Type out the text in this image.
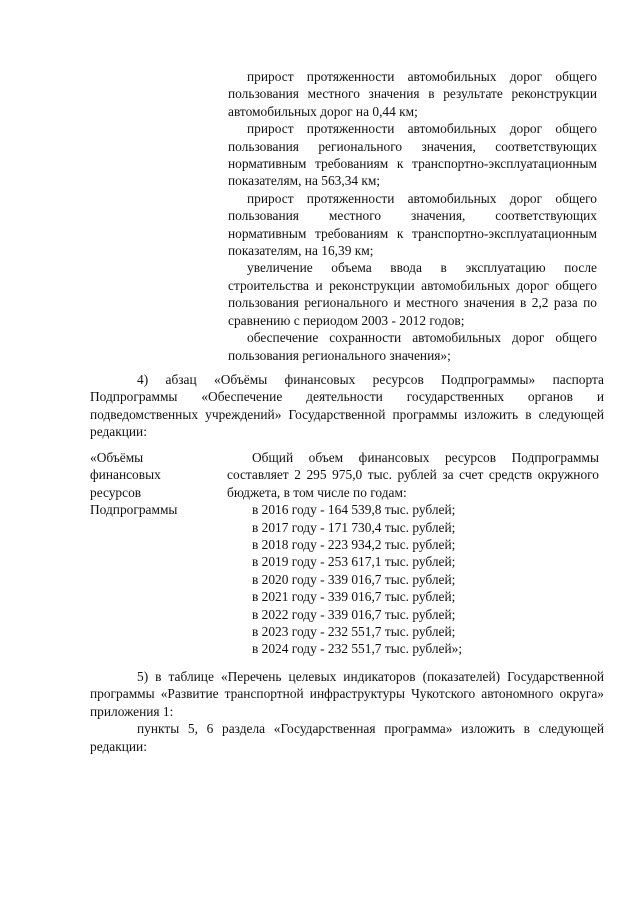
прирост протяженности автомобильных дорог общего пользования местного значения в результате реконструкции автомобильных дорог на 0,44 км;

прирост протяженности автомобильных дорог общего пользования регионального значения, соответствующих нормативным требованиям к транспортно-эксплуатационным показателям, на 563,34 км;

прирост протяженности автомобильных дорог общего пользования местного значения, соответствующих нормативным требованиям к транспортно-эксплуатационным показателям, на 16,39 км;

увеличение объема ввода в эксплуатацию после строительства и реконструкции автомобильных дорог общего пользования регионального и местного значения в 2,2 раза по сравнению с периодом 2003 - 2012 годов;

обеспечение сохранности автомобильных дорог общего пользования регионального значения»;

4) абзац «Объёмы финансовых ресурсов Подпрограммы» паспорта Подпрограммы «Обеспечение деятельности государственных органов и подведомственных учреждений» Государственной программы изложить в следующей редакции:

«Объёмы
финансовых
ресурсов
Подпрограммы

Общий объем финансовых ресурсов Подпрограммы составляет 2 295 975,0 тыс. рублей за счет средств окружного бюджета, в том числе по годам:

в 2016 году - 164 539,8 тыс. рублей;
в 2017 году - 171 730,4 тыс. рублей;
в 2018 году - 223 934,2 тыс. рублей;
в 2019 году - 253 617,1 тыс. рублей;
в 2020 году - 339 016,7 тыс. рублей;
в 2021 году - 339 016,7 тыс. рублей;
в 2022 году - 339 016,7 тыс. рублей;
в 2023 году - 232 551,7 тыс. рублей;
в 2024 году - 232 551,7 тыс. рублей»;

5) в таблице «Перечень целевых индикаторов (показателей) Государственной программы «Развитие транспортной инфраструктуры Чукотского автономного округа» приложения 1:

пункты 5, 6 раздела «Государственная программа» изложить в следующей редакции:
